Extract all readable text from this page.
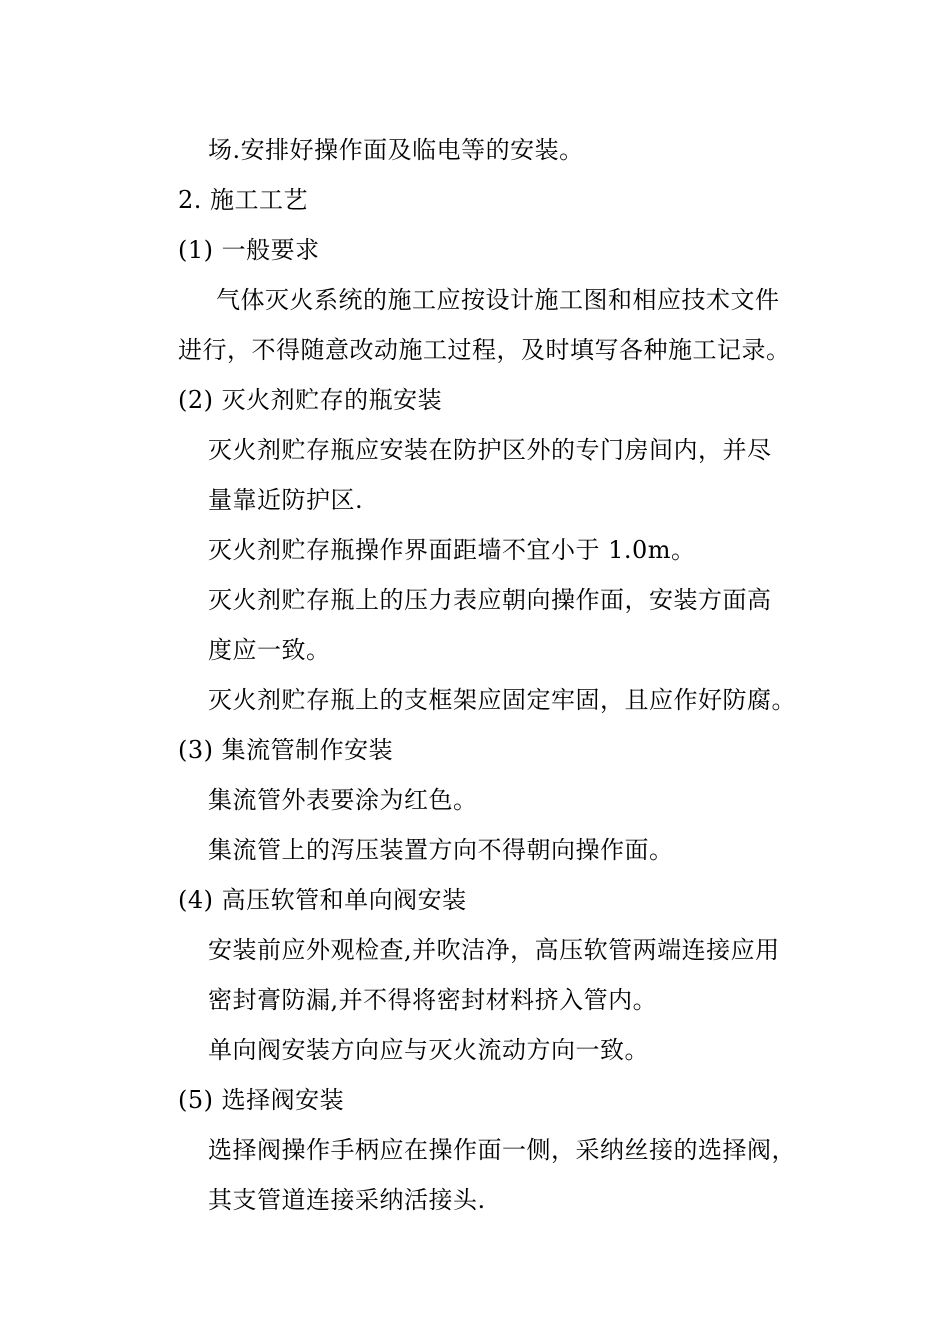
场.安排好操作面及临电等的安装。
2. 施工工艺
(1) 一般要求
气体灭火系统的施工应按设计施工图和相应技术文件
进行，不得随意改动施工过程，及时填写各种施工记录。
(2) 灭火剂贮存的瓶安装
灭火剂贮存瓶应安装在防护区外的专门房间内，并尽
量靠近防护区.
灭火剂贮存瓶操作界面距墙不宜小于 1.0m。
灭火剂贮存瓶上的压力表应朝向操作面，安装方面高
度应一致。
灭火剂贮存瓶上的支框架应固定牢固，且应作好防腐。
(3) 集流管制作安装
集流管外表要涂为红色。
集流管上的泻压装置方向不得朝向操作面。
(4) 高压软管和单向阀安装
安装前应外观检查,并吹洁净，高压软管两端连接应用
密封膏防漏,并不得将密封材料挤入管内。
单向阀安装方向应与灭火流动方向一致。
(5) 选择阀安装
选择阀操作手柄应在操作面一侧，采纳丝接的选择阀，
其支管道连接采纳活接头.
